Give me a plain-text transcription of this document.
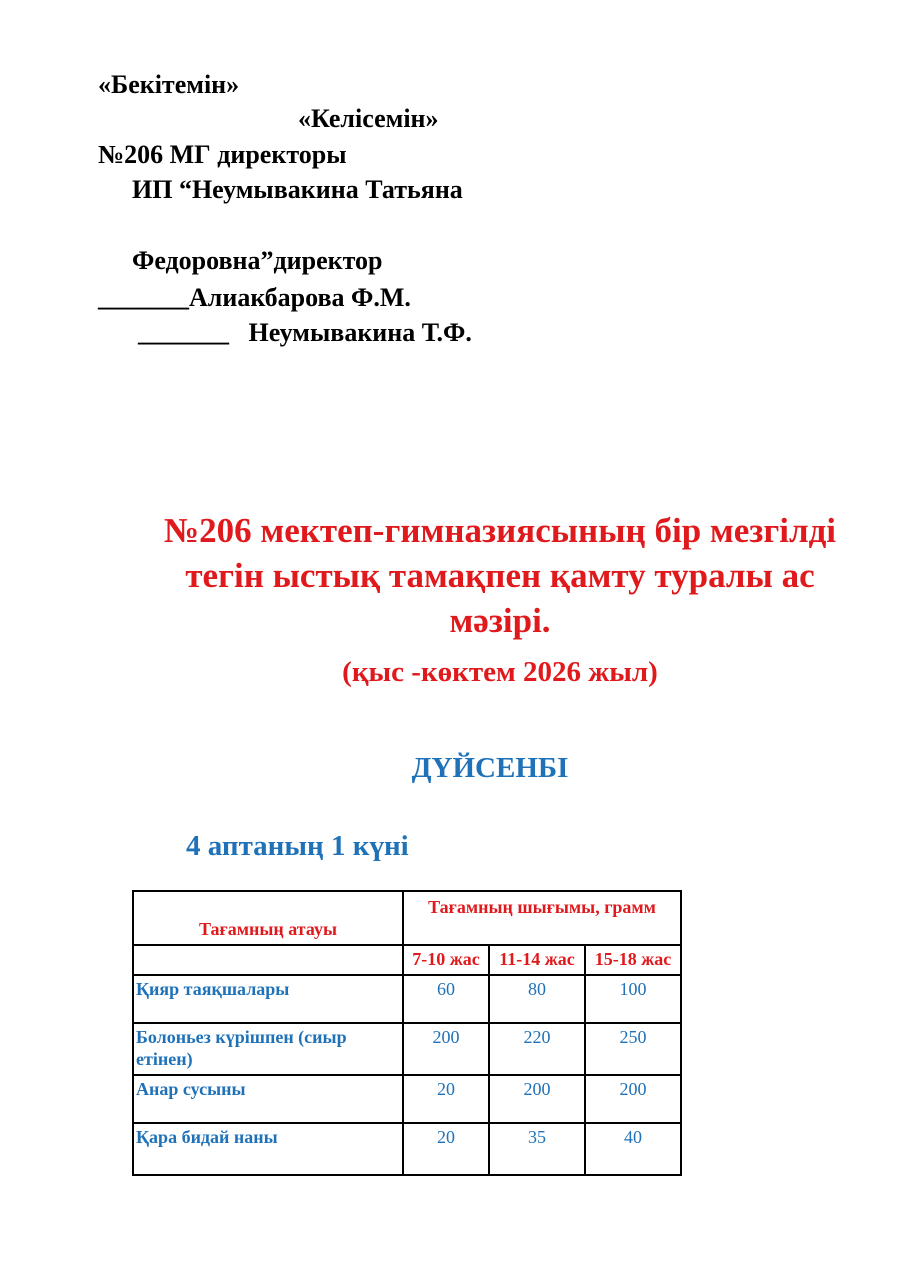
«Бекітемін»
«Келісемін»
№206 МГ директоры
ИП “Неумывакина Татьяна
Федоровна”директор
_______Алиакбарова Ф.М.
_______   Неумывакина Т.Ф.
№206 мектеп-гимназиясының бір мезгілді
тегін ыстық тамақпен қамту туралы ас
мәзірі.
(қыс -көктем 2026 жыл)
ДҮЙСЕНБІ
4 аптаның 1 күні
Тағамның атауы	Тағамның шығымы, грамм		
	7-10 жас	11-14 жас	15-18 жас
Қияр таяқшалары	60	80	100
Болоньез күрішпен (сиыр етінен)	200	220	250
Анар сусыны	20	200	200
Қара бидай наны	20	35	40
